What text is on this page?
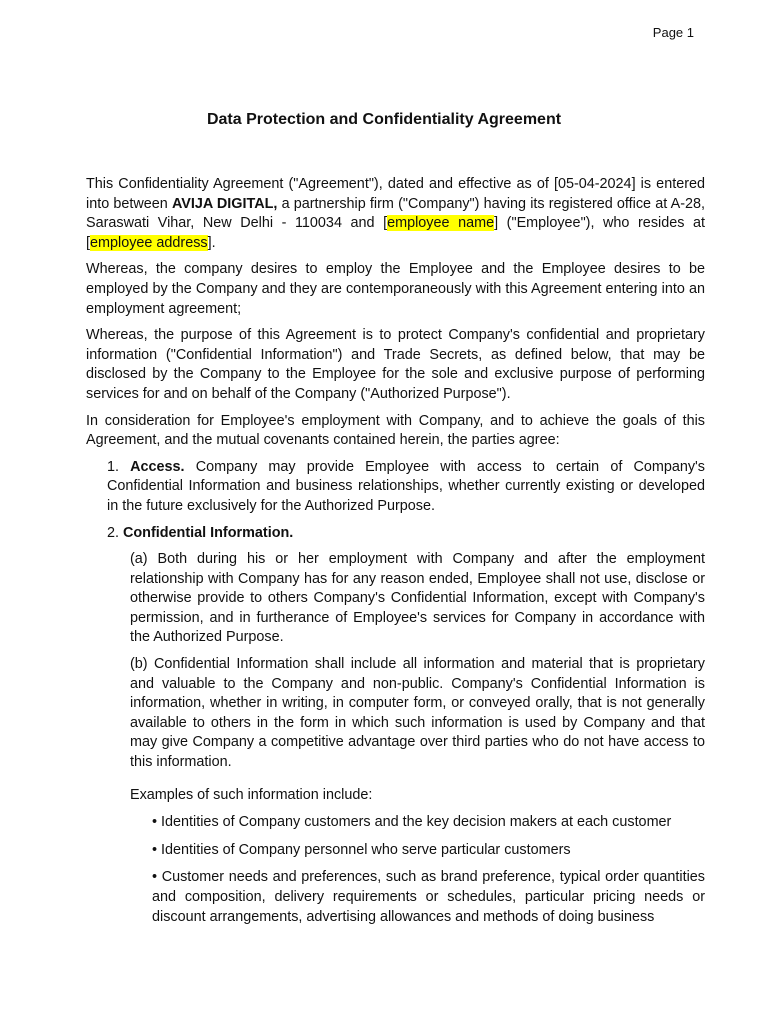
Page 1
Data Protection and Confidentiality Agreement

This Confidentiality Agreement ("Agreement"), dated and effective as of [05-04-2024] is entered into between AVIJA DIGITAL, a partnership firm ("Company") having its registered office at A-28, Saraswati Vihar, New Delhi - 110034 and [employee name] ("Employee"), who resides at [employee address].

Whereas, the company desires to employ the Employee and the Employee desires to be employed by the Company and they are contemporaneously with this Agreement entering into an employment agreement;

Whereas, the purpose of this Agreement is to protect Company's confidential and proprietary information ("Confidential Information") and Trade Secrets, as defined below, that may be disclosed by the Company to the Employee for the sole and exclusive purpose of performing services for and on behalf of the Company ("Authorized Purpose").

In consideration for Employee's employment with Company, and to achieve the goals of this Agreement, and the mutual covenants contained herein, the parties agree:

1. Access. Company may provide Employee with access to certain of Company's Confidential Information and business relationships, whether currently existing or developed in the future exclusively for the Authorized Purpose.

2. Confidential Information.

(a) Both during his or her employment with Company and after the employment relationship with Company has for any reason ended, Employee shall not use, disclose or otherwise provide to others Company's Confidential Information, except with Company's permission, and in furtherance of Employee's services for Company in accordance with the Authorized Purpose.

(b) Confidential Information shall include all information and material that is proprietary and valuable to the Company and non-public. Company's Confidential Information is information, whether in writing, in computer form, or conveyed orally, that is not generally available to others in the form in which such information is used by Company and that may give Company a competitive advantage over third parties who do not have access to this information.

Examples of such information include:

• Identities of Company customers and the key decision makers at each customer

• Identities of Company personnel who serve particular customers

• Customer needs and preferences, such as brand preference, typical order quantities and composition, delivery requirements or schedules, particular pricing needs or discount arrangements, advertising allowances and methods of doing business
